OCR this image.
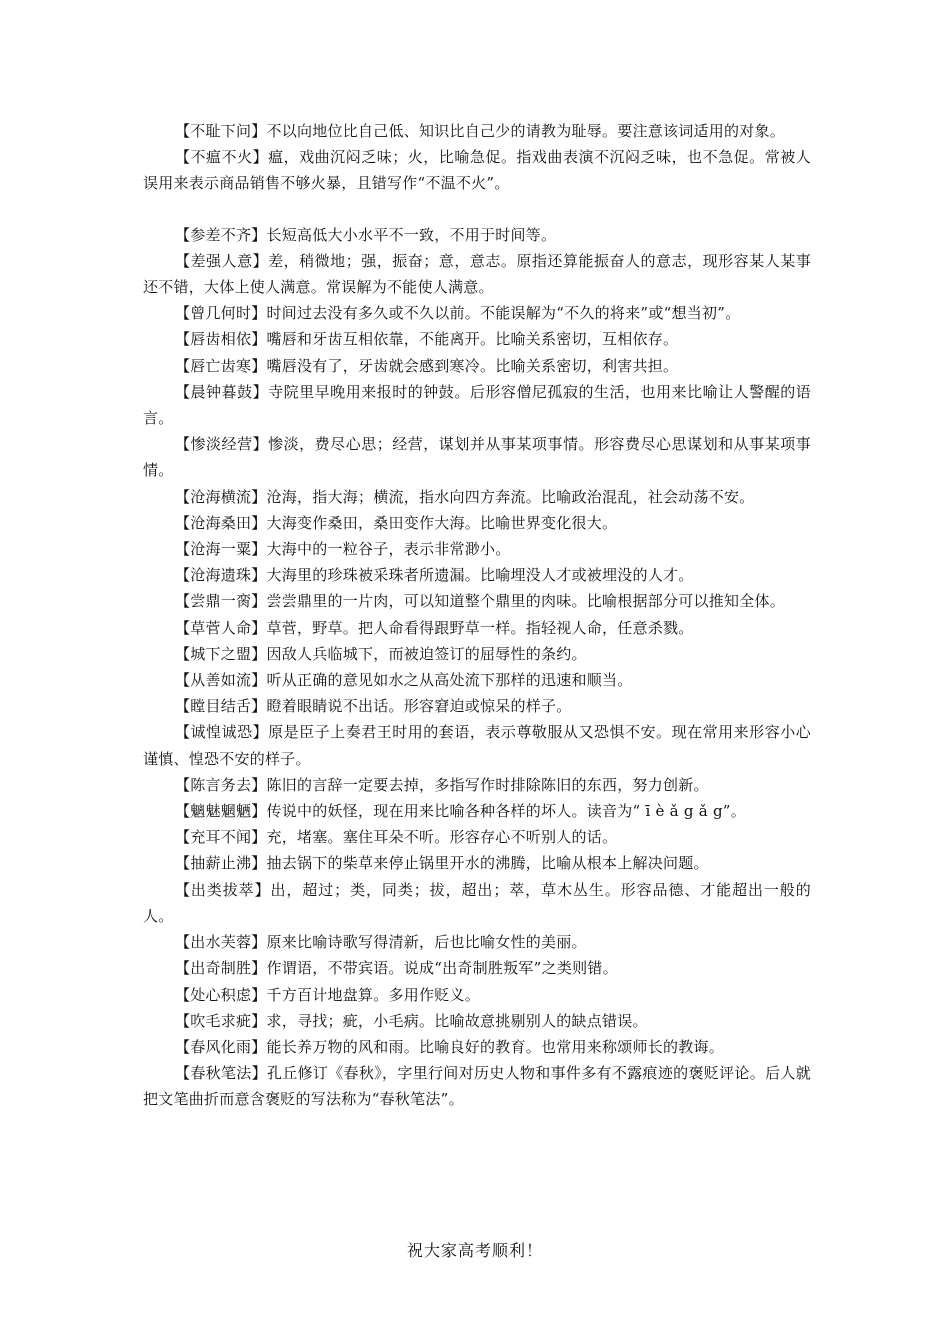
【不耻下问】不以向地位比自己低、知识比自己少的请教为耻辱。要注意该词适用的对象。

【不瘟不火】瘟，戏曲沉闷乏味；火，比喻急促。指戏曲表演不沉闷乏味，也不急促。常被人误用来表示商品销售不够火暴，且错写作“不温不火”。

【参差不齐】长短高低大小水平不一致，不用于时间等。

【差强人意】差，稍微地；强，振奋；意，意志。原指还算能振奋人的意志，现形容某人某事还不错，大体上使人满意。常误解为不能使人满意。

【曾几何时】时间过去没有多久或不久以前。不能误解为“不久的将来”或“想当初”。

【唇齿相依】嘴唇和牙齿互相依靠，不能离开。比喻关系密切，互相依存。

【唇亡齿寒】嘴唇没有了，牙齿就会感到寒冷。比喻关系密切，利害共担。

【晨钟暮鼓】寺院里早晚用来报时的钟鼓。后形容僧尼孤寂的生活，也用来比喻让人警醒的语言。

【惨淡经营】惨淡，费尽心思；经营，谋划并从事某项事情。形容费尽心思谋划和从事某项事情。

【沧海横流】沧海，指大海；横流，指水向四方奔流。比喻政治混乱，社会动荡不安。

【沧海桑田】大海变作桑田，桑田变作大海。比喻世界变化很大。

【沧海一粟】大海中的一粒谷子，表示非常渺小。

【沧海遗珠】大海里的珍珠被采珠者所遗漏。比喻埋没人才或被埋没的人才。

【尝鼎一脔】尝尝鼎里的一片肉，可以知道整个鼎里的肉味。比喻根据部分可以推知全体。

【草菅人命】草菅，野草。把人命看得跟野草一样。指轻视人命，任意杀戮。

【城下之盟】因敌人兵临城下，而被迫签订的屈辱性的条约。

【从善如流】听从正确的意见如水之从高处流下那样的迅速和顺当。

【瞠目结舌】瞪着眼睛说不出话。形容窘迫或惊呆的样子。

【诚惶诚恐】原是臣子上奏君王时用的套语，表示尊敬服从又恐惧不安。现在常用来形容小心谨慎、惶恐不安的样子。

【陈言务去】陈旧的言辞一定要去掉，多指写作时排除陈旧的东西，努力创新。

【魑魅魍魉】传说中的妖怪，现在用来比喻各种各样的坏人。读音为“ ī è ǎ g ǎ g”。

【充耳不闻】充，堵塞。塞住耳朵不听。形容存心不听别人的话。

【抽薪止沸】抽去锅下的柴草来停止锅里开水的沸腾，比喻从根本上解决问题。

【出类拔萃】出，超过；类，同类；拔，超出；萃，草木丛生。形容品德、才能超出一般的人。

【出水芙蓉】原来比喻诗歌写得清新，后也比喻女性的美丽。

【出奇制胜】作谓语，不带宾语。说成“出奇制胜叛军”之类则错。

【处心积虑】千方百计地盘算。多用作贬义。

【吹毛求疵】求，寻找；疵，小毛病。比喻故意挑剔别人的缺点错误。

【春风化雨】能长养万物的风和雨。比喻良好的教育。也常用来称颂师长的教诲。

【春秋笔法】孔丘修订《春秋》，字里行间对历史人物和事件多有不露痕迹的褒贬评论。后人就把文笔曲折而意含褒贬的写法称为“春秋笔法”。

祝大家高考顺利！
